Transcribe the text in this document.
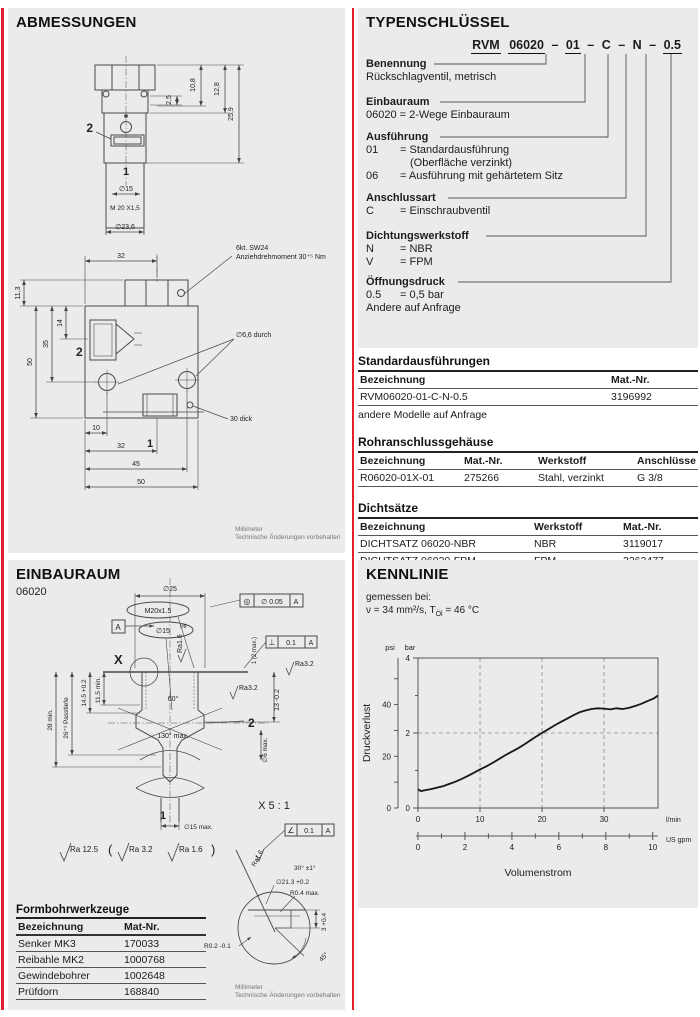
ABMESSUNGEN
2,5
10,8 12,8
25,9
2
1
∅15
M 20 X1,5
∅23,6
32
11,3
50
35
14
2
6kt. SW24
Anziehdrehmoment 30⁺⁵ Nm
∅6,6 durch
30 dick
10
32
45
50
1
Millimeter
Technische Änderungen vorbehalten
TYPENSCHLÜSSEL
RVM 06020 – 01 – C – N – 0.5
Benennung
Rückschlagventil, metrisch
Einbauraum
06020 = 2-Wege Einbauraum
Ausführung
01 = Standardausführung
(Oberfläche verzinkt)
06 = Ausführung mit gehärtetem Sitz
Anschlussart
C = Einschraubventil
Dichtungswerkstoff
N = NBR
V = FPM
Öffnungsdruck
0.5 = 0,5 bar
Andere auf Anfrage
Standardausführungen
Bezeichnung	Mat.-Nr.
RVM06020-01-C-N-0.5	3196992
andere Modelle auf Anfrage
Rohranschlussgehäuse
Bezeichnung	Mat.-Nr.	Werkstoff	Anschlüsse
R06020-01X-01	275266	Stahl, verzinkt	G 3/8
Dichtsätze
Bezeichnung	Werkstoff	Mat.-Nr.
DICHTSATZ 06020-NBR	NBR	3119017

EINBAURAUM
06020	∅25
M20x1.5
∅15
H8
A
◎ ∅ 0.05 A
⊥ 0.1 A
Ra1.6
X	1 (2 max.)
Ra3.2
Ra3.2
13 -0.2
14.5 +0.2 11.5 min.
26⁺¹ Passtiefe
28 min.
60°
2
130° max.
∅6 max.
1
∅15 max.
X 5 : 1
Ra 12.5 ( Ra 3.2	Ra 1.6 )
∠ 0.1 A
Ra1.6
30° ±1°
∅21.3 +0.2
R0.4 max.
R0.2 -0.1
3 +0.4
45°
Formbohrwerkzeuge
Bezeichnung	Mat-Nr.
Senker MK3	170033
Reibahle MK2	1000768
Gewindebohrer	1002648
Prüfdorn	168840	Millimeter
Technische Änderungen vorbehalten
KENNLINIE
gemessen bei:
ν = 34 mm²/s, $T_{Öl} = 46$ °C
0
2
4
0
20
40
psi bar
0	10	20	30	l/min
0	2	4	6	8	10
US gpm
Volumenstrom
Druckverlust
